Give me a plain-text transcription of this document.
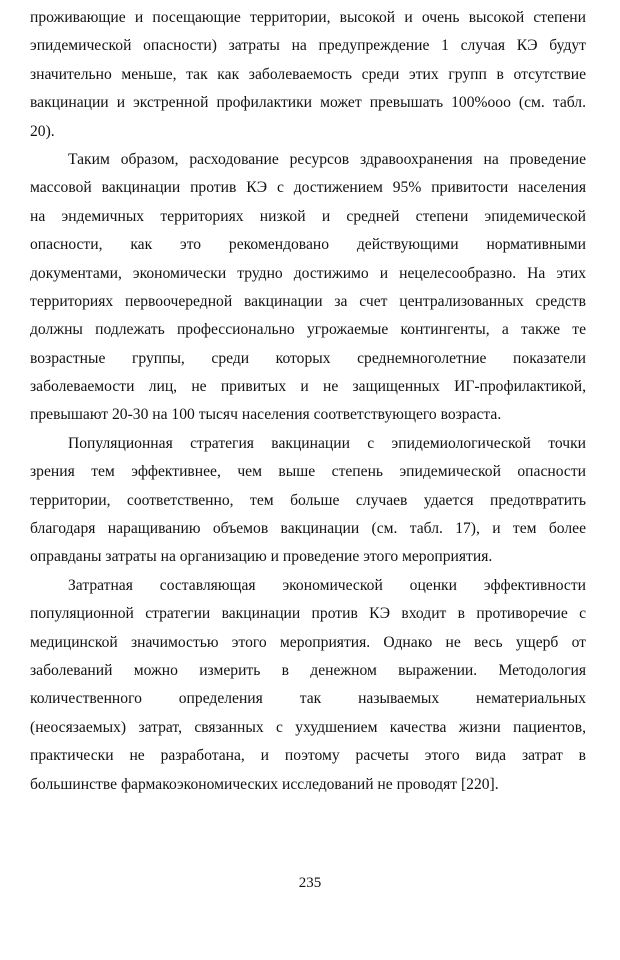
проживающие и посещающие территории, высокой и очень высокой степени
эпидемической опасности) затраты на предупреждение 1 случая КЭ будут
значительно меньше, так как заболеваемость среди этих групп в отсутствие
вакцинации и экстренной профилактики может превышать 100%ooo (см. табл.
20).
Таким образом, расходование ресурсов здравоохранения на проведение
массовой вакцинации против КЭ с достижением 95% привитости населения
на эндемичных территориях низкой и средней степени эпидемической
опасности, как это рекомендовано действующими нормативными
документами, экономически трудно достижимо и нецелесообразно. На этих
территориях первоочередной вакцинации за счет централизованных средств
должны подлежать профессионально угрожаемые контингенты, а также те
возрастные группы, среди которых среднемноголетние показатели
заболеваемости лиц, не привитых и не защищенных ИГ-профилактикой,
превышают 20-30 на 100 тысяч населения соответствующего возраста.
Популяционная стратегия вакцинации с эпидемиологической точки
зрения тем эффективнее, чем выше степень эпидемической опасности
территории, соответственно, тем больше случаев удается предотвратить
благодаря наращиванию объемов вакцинации (см. табл. 17), и тем более
оправданы затраты на организацию и проведение этого мероприятия.
Затратная составляющая экономической оценки эффективности
популяционной стратегии вакцинации против КЭ входит в противоречие с
медицинской значимостью этого мероприятия. Однако не весь ущерб от
заболеваний можно измерить в денежном выражении. Методология
количественного определения так называемых нематериальных
(неосязаемых) затрат, связанных с ухудшением качества жизни пациентов,
практически не разработана, и поэтому расчеты этого вида затрат в
большинстве фармакоэкономических исследований не проводят [220].
235
